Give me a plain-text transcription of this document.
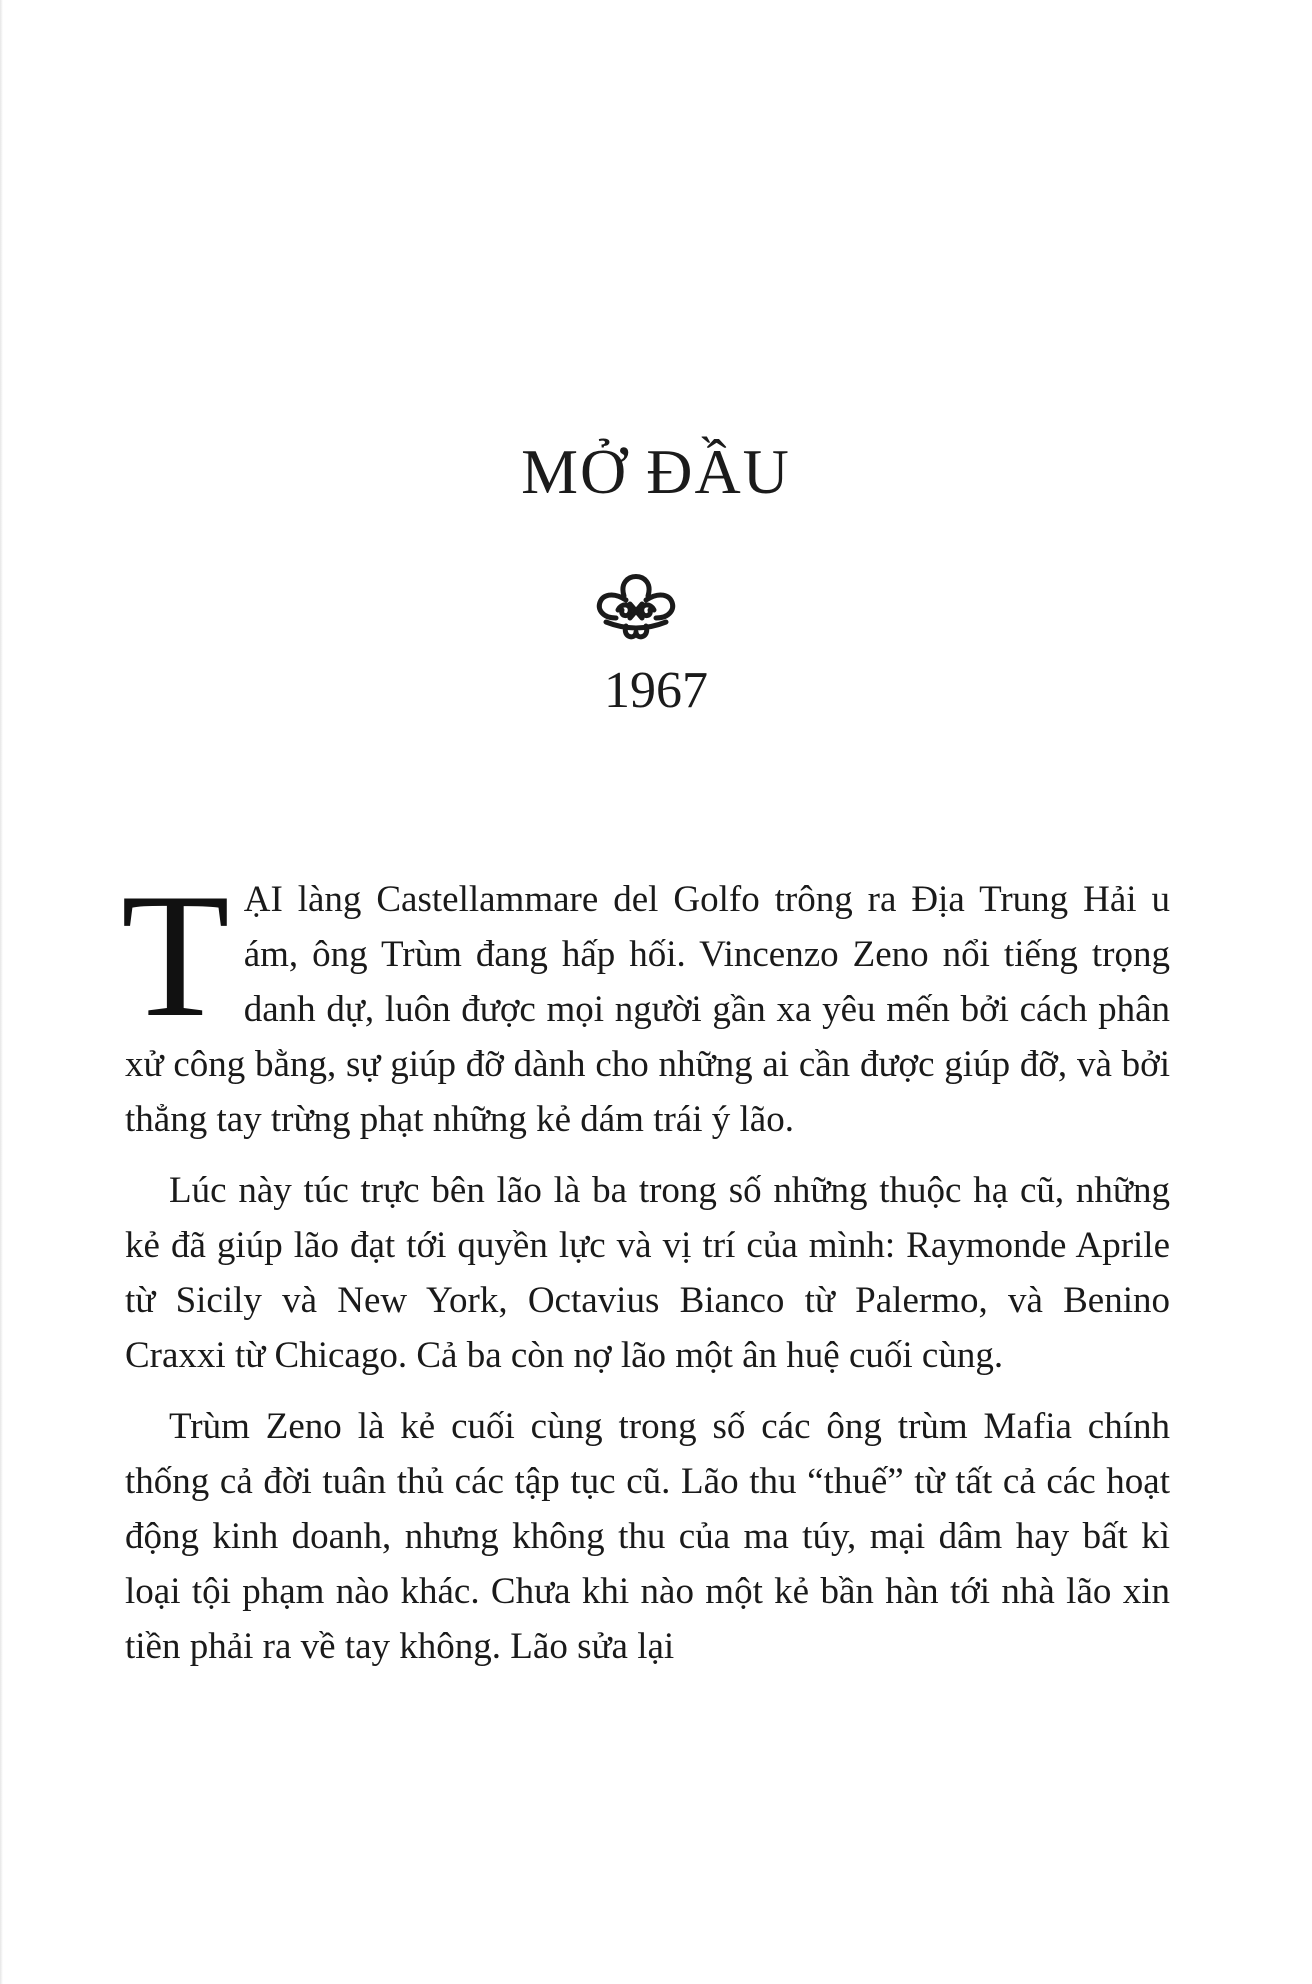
MỞ ĐẦU
1967

TẠI làng Castellammare del Golfo trông ra Địa Trung Hải u ám, ông Trùm đang hấp hối. Vincenzo Zeno nổi tiếng trọng danh dự, luôn được mọi người gần xa yêu mến bởi cách phân xử công bằng, sự giúp đỡ dành cho những ai cần được giúp đỡ, và bởi thẳng tay trừng phạt những kẻ dám trái ý lão.

Lúc này túc trực bên lão là ba trong số những thuộc hạ cũ, những kẻ đã giúp lão đạt tới quyền lực và vị trí của mình: Raymonde Aprile từ Sicily và New York, Octavius Bianco từ Palermo, và Benino Craxxi từ Chicago. Cả ba còn nợ lão một ân huệ cuối cùng.

Trùm Zeno là kẻ cuối cùng trong số các ông trùm Mafia chính thống cả đời tuân thủ các tập tục cũ. Lão thu “thuế” từ tất cả các hoạt động kinh doanh, nhưng không thu của ma túy, mại dâm hay bất kì loại tội phạm nào khác. Chưa khi nào một kẻ bần hàn tới nhà lão xin tiền phải ra về tay không. Lão sửa lại
